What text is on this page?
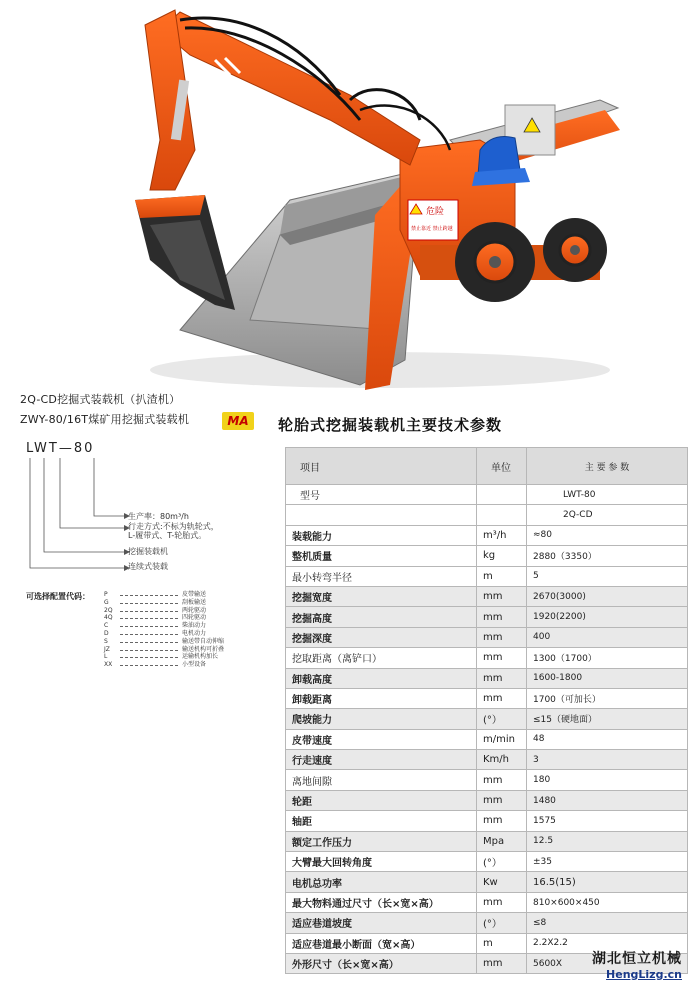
危险
禁止靠近 禁止跨越
2Q-CD挖掘式装载机（扒渣机）
ZWY-80/16T煤矿用挖掘式装载机	MA	轮胎式挖掘装载机主要技术参数
LWT—80
生产率：80m³/h
行走方式:不标为轨轮式，
L-履带式、T-轮胎式。
挖掘装载机
连续式装载
可选择配置代码： P	皮带输送
G	刮板输送
2Q	两轮驱动
4Q	四轮驱动
C	柴油动力
D	电机动力
S	输送带自动伸缩
JZ	输送机构可折叠
L	运输机构加长
XX	小型设备
项目	单位	主 要 参 数
型号		LWT-80
		2Q-CD
装载能力	m³/h	≈80
整机质量	kg	2880（3350）
最小转弯半径	m	5
挖掘宽度	mm	2670(3000)
挖掘高度	mm	1920(2200)
挖掘深度	mm	400
挖取距离（离铲口）	mm	1300（1700）
卸载高度	mm	1600-1800
卸载距离	mm	1700（可加长）
爬坡能力	(°）	≤15（硬地面）
皮带速度	m/min	48
行走速度	Km/h	3
离地间隙	mm	180
轮距	mm	1480
轴距	mm	1575
额定工作压力	Mpa	12.5
大臂最大回转角度	(°）	±35
电机总功率	Kw	16.5(15)
最大物料通过尺寸（长×宽×高）	mm	810×600×450
适应巷道坡度	(°）	≤8
适应巷道最小断面（宽×高）	m	2.2X2.2
外形尺寸（长×宽×高）	mm	5600X 湖北恒立机械
HengLizg.cn
